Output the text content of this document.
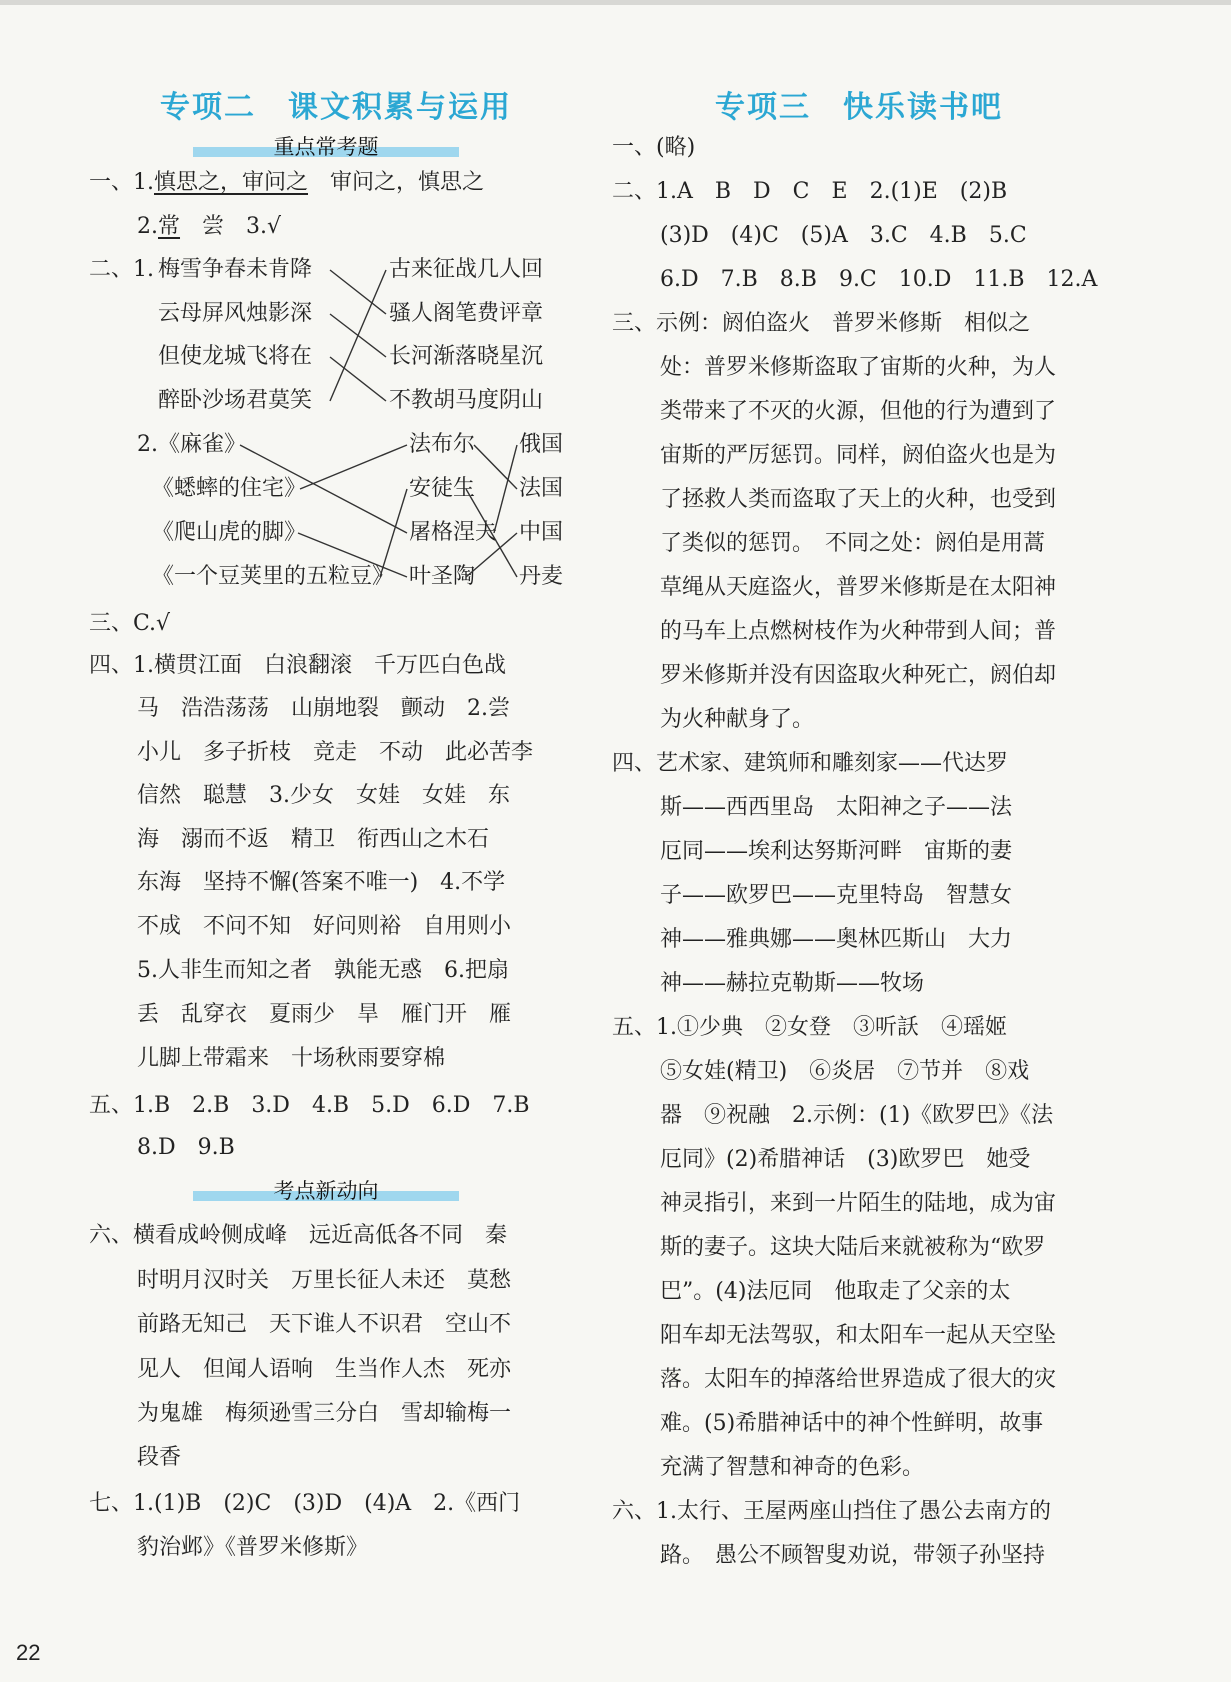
专项二　课文积累与运用
重点常考题
一、1.慎思之，审问之　审问之，慎思之
2.常　尝　3.√
二、1. 梅雪争春未肯降
云母屏风烛影深
但使龙城飞将在
醉卧沙场君莫笑
古来征战几人回
骚人阁笔费评章
长河渐落晓星沉
不教胡马度阴山
2. 《麻雀》
《蟋蟀的住宅》
《爬山虎的脚》
《一个豆荚里的五粒豆》
法布尔
安徒生
屠格涅夫
叶圣陶
俄国
法国
中国
丹麦
三、C.√
四、1.横贯江面　白浪翻滚　千万匹白色战
马　浩浩荡荡　山崩地裂　颤动　2.尝
小儿　多子折枝　竞走　不动　此必苦李
信然　聪慧　3.少女　女娃　女娃　东
海　溺而不返　精卫　衔西山之木石
东海　坚持不懈(答案不唯一)　4.不学
不成　不问不知　好问则裕　自用则小
5.人非生而知之者　孰能无惑　6.把扇
丢　乱穿衣　夏雨少　旱　雁门开　雁
儿脚上带霜来　十场秋雨要穿棉
五、1.B　2.B　3.D　4.B　5.D　6.D　7.B
8.D　9.B
考点新动向
六、横看成岭侧成峰　远近高低各不同　秦
时明月汉时关　万里长征人未还　莫愁
前路无知己　天下谁人不识君　空山不
见人　但闻人语响　生当作人杰　死亦
为鬼雄　梅须逊雪三分白　雪却输梅一
段香
七、1.(1)B　(2)C　(3)D　(4)A　2.《西门
豹治邺》《普罗米修斯》
专项三　快乐读书吧
一、(略)
二、1.A　B　D　C　E　2.(1)E　(2)B
(3)D　(4)C　(5)A　3.C　4.B　5.C
6.D　7.B　8.B　9.C　10.D　11.B　12.A
三、示例：阏伯盗火　普罗米修斯　相似之
处：普罗米修斯盗取了宙斯的火种，为人
类带来了不灭的火源，但他的行为遭到了
宙斯的严厉惩罚。同样，阏伯盗火也是为
了拯救人类而盗取了天上的火种，也受到
了类似的惩罚。　不同之处：阏伯是用蒿
草绳从天庭盗火，普罗米修斯是在太阳神
的马车上点燃树枝作为火种带到人间；普
罗米修斯并没有因盗取火种死亡，阏伯却
为火种献身了。
四、艺术家、建筑师和雕刻家——代达罗
斯——西西里岛　太阳神之子——法
厄同——埃利达努斯河畔　宙斯的妻
子——欧罗巴——克里特岛　智慧女
神——雅典娜——奥林匹斯山　大力
神——赫拉克勒斯——牧场
五、1.①少典　②女登　③听訞　④瑶姬
⑤女娃(精卫)　⑥炎居　⑦节并　⑧戏
器　⑨祝融　2.示例：(1)《欧罗巴》《法
厄同》(2)希腊神话　(3)欧罗巴　她受
神灵指引，来到一片陌生的陆地，成为宙
斯的妻子。这块大陆后来就被称为“欧罗
巴”。(4)法厄同　他取走了父亲的太
阳车却无法驾驭，和太阳车一起从天空坠
落。太阳车的掉落给世界造成了很大的灾
难。(5)希腊神话中的神个性鲜明，故事
充满了智慧和神奇的色彩。
六、1.太行、王屋两座山挡住了愚公去南方的
路。　愚公不顾智叟劝说，带领子孙坚持
22
